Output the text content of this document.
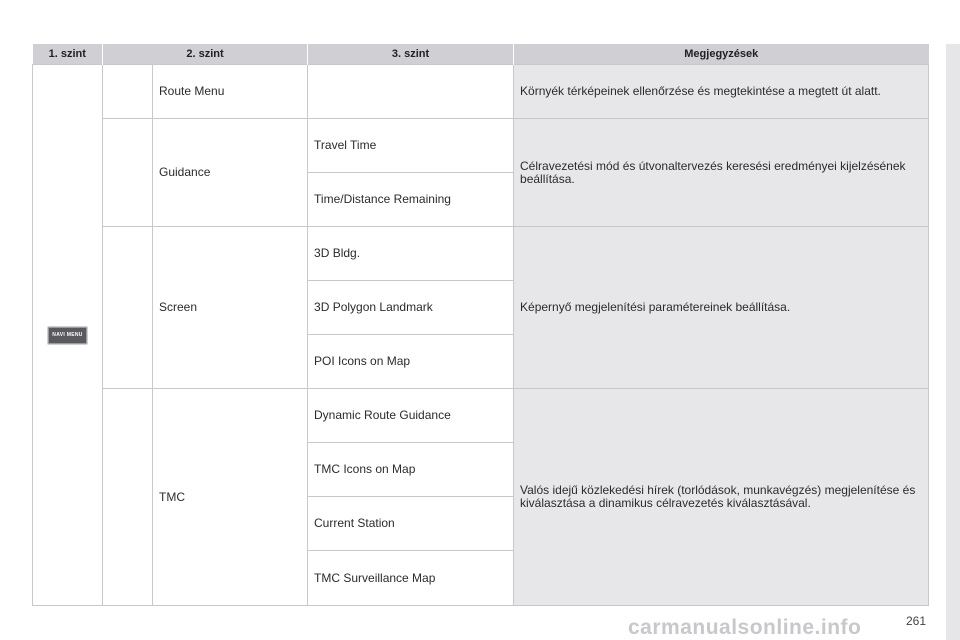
1. szint	2. szint		3. szint	Megjegyzések
NAVI MENU		Route Menu		Környék térképeinek ellenőrzése és megtekintése a megtett út alatt.
		Guidance	Travel Time	Célravezetési mód és útvonaltervezés keresési eredményei kijelzésének beállítása.
			Time/Distance Remaining	
		Screen	3D Bldg.	Képernyő megjelenítési paramétereinek beállítása.
			3D Polygon Landmark	
			POI Icons on Map	
		TMC	Dynamic Route Guidance	Valós idejű közlekedési hírek (torlódások, munkavégzés) megjelenítése és kiválasztása a dinamikus célravezetés kiválasztásával.
			TMC Icons on Map	
			Current Station	
			TMC Surveillance Map	
carmanualsonline.info	261
